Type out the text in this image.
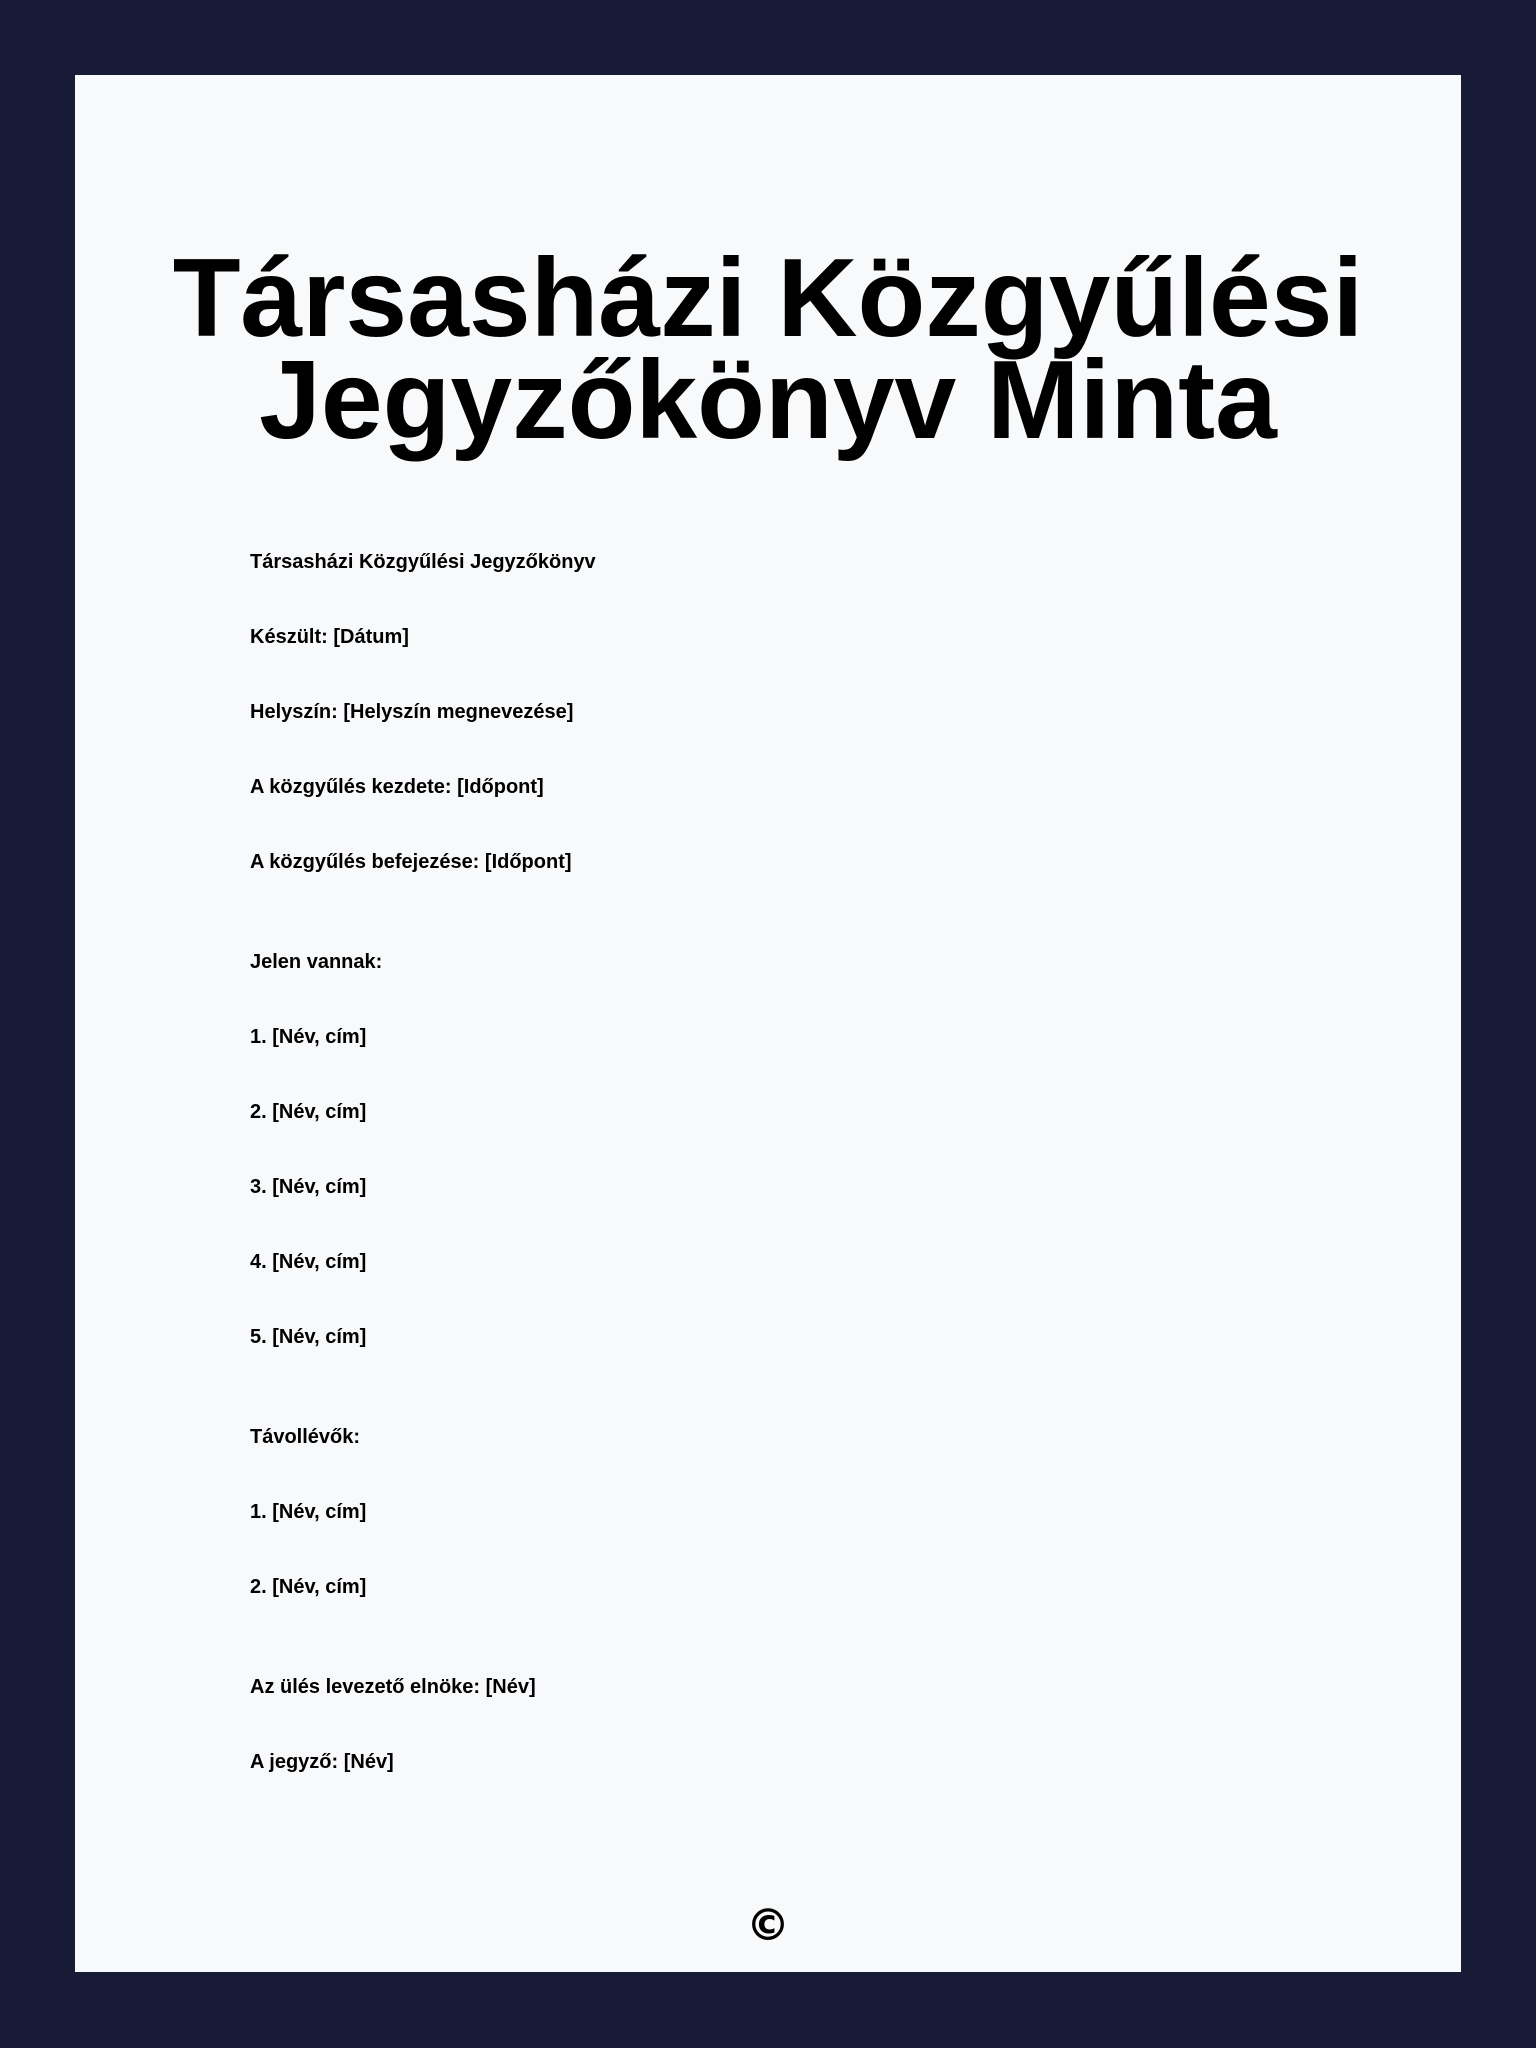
Társasházi Közgyűlési
Jegyzőkönyv Minta
Társasházi Közgyűlési Jegyzőkönyv
Készült: [Dátum]
Helyszín: [Helyszín megnevezése]
A közgyűlés kezdete: [Időpont]
A közgyűlés befejezése: [Időpont]
Jelen vannak:
1. [Név, cím]
2. [Név, cím]
3. [Név, cím]
4. [Név, cím]
5. [Név, cím]
Távollévők:
1. [Név, cím]
2. [Név, cím]
Az ülés levezető elnöke: [Név]
A jegyző: [Név]
©
